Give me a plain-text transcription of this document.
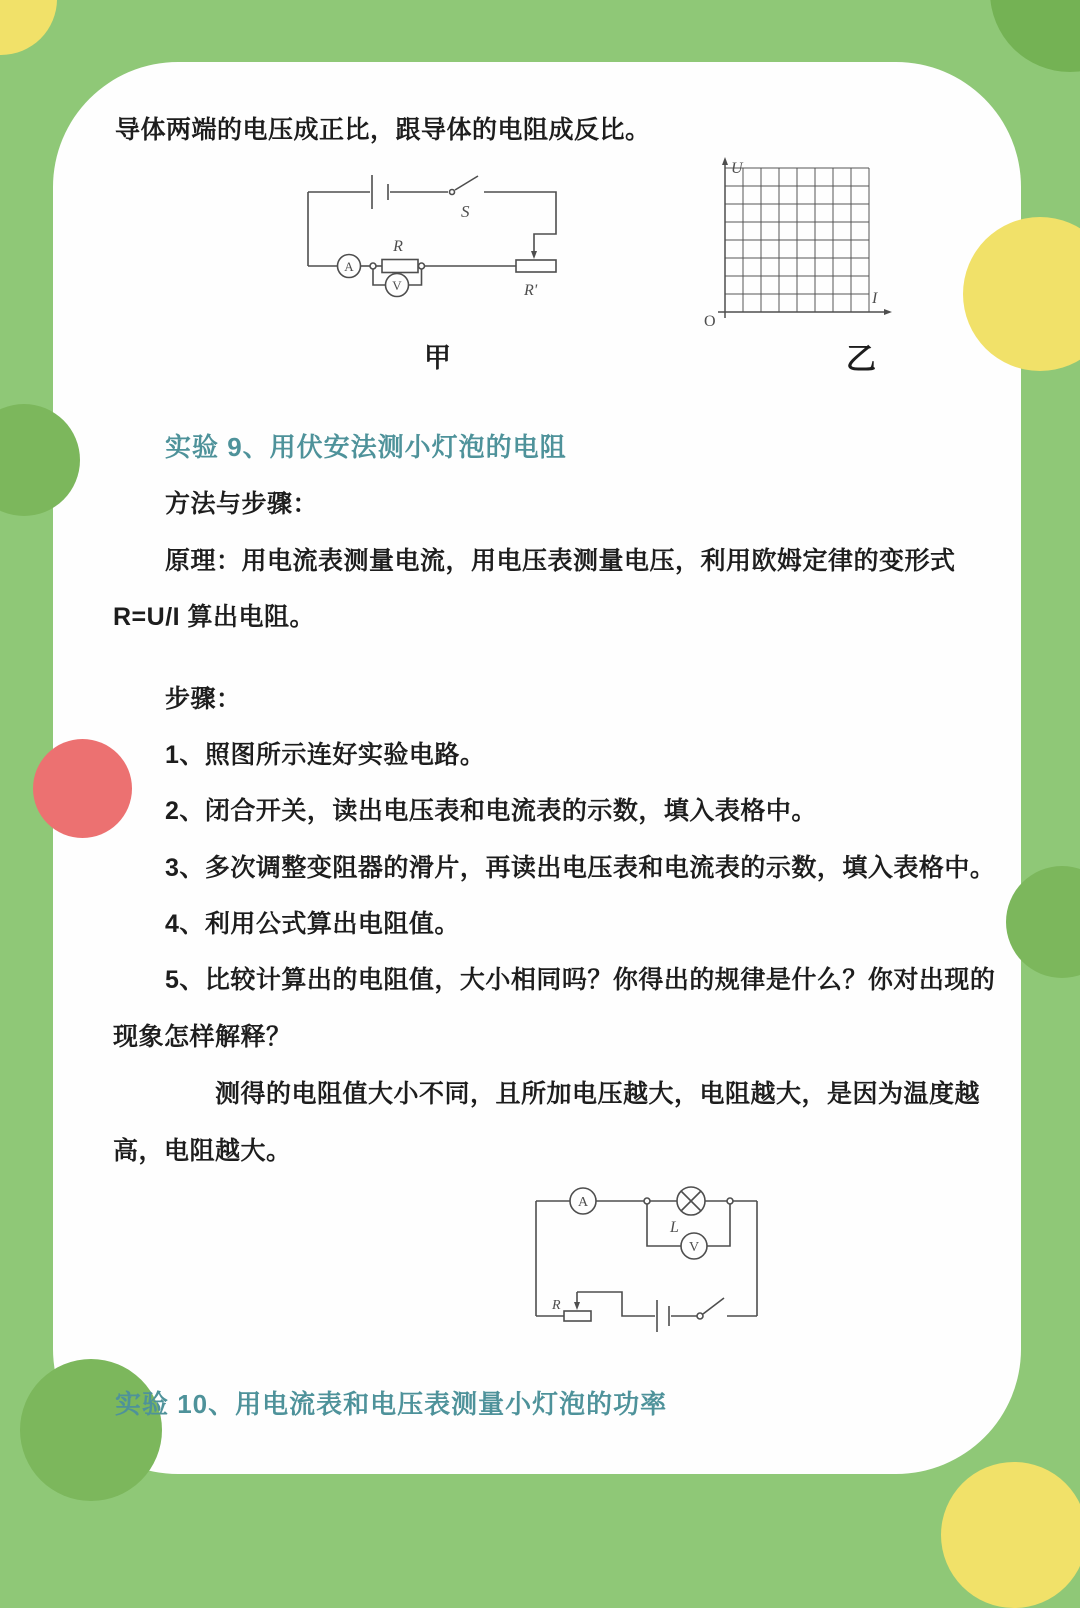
导体两端的电压成正比，跟导体的电阻成反比。
S
R'
A
R
V
U
I
O
甲	乙
实验 9、用伏安法测小灯泡的电阻
方法与步骤：
原理：用电流表测量电流，用电压表测量电压，利用欧姆定律的变形式
R=U/I 算出电阻。
步骤：
1、照图所示连好实验电路。
2、闭合开关，读出电压表和电流表的示数，填入表格中。
3、多次调整变阻器的滑片，再读出电压表和电流表的示数，填入表格中。
4、利用公式算出电阻值。
5、比较计算出的电阻值，大小相同吗？你得出的规律是什么？你对出现的
现象怎样解释？
测得的电阻值大小不同，且所加电压越大，电阻越大，是因为温度越
高，电阻越大。
A
L
V
R
实验 10、用电流表和电压表测量小灯泡的功率
